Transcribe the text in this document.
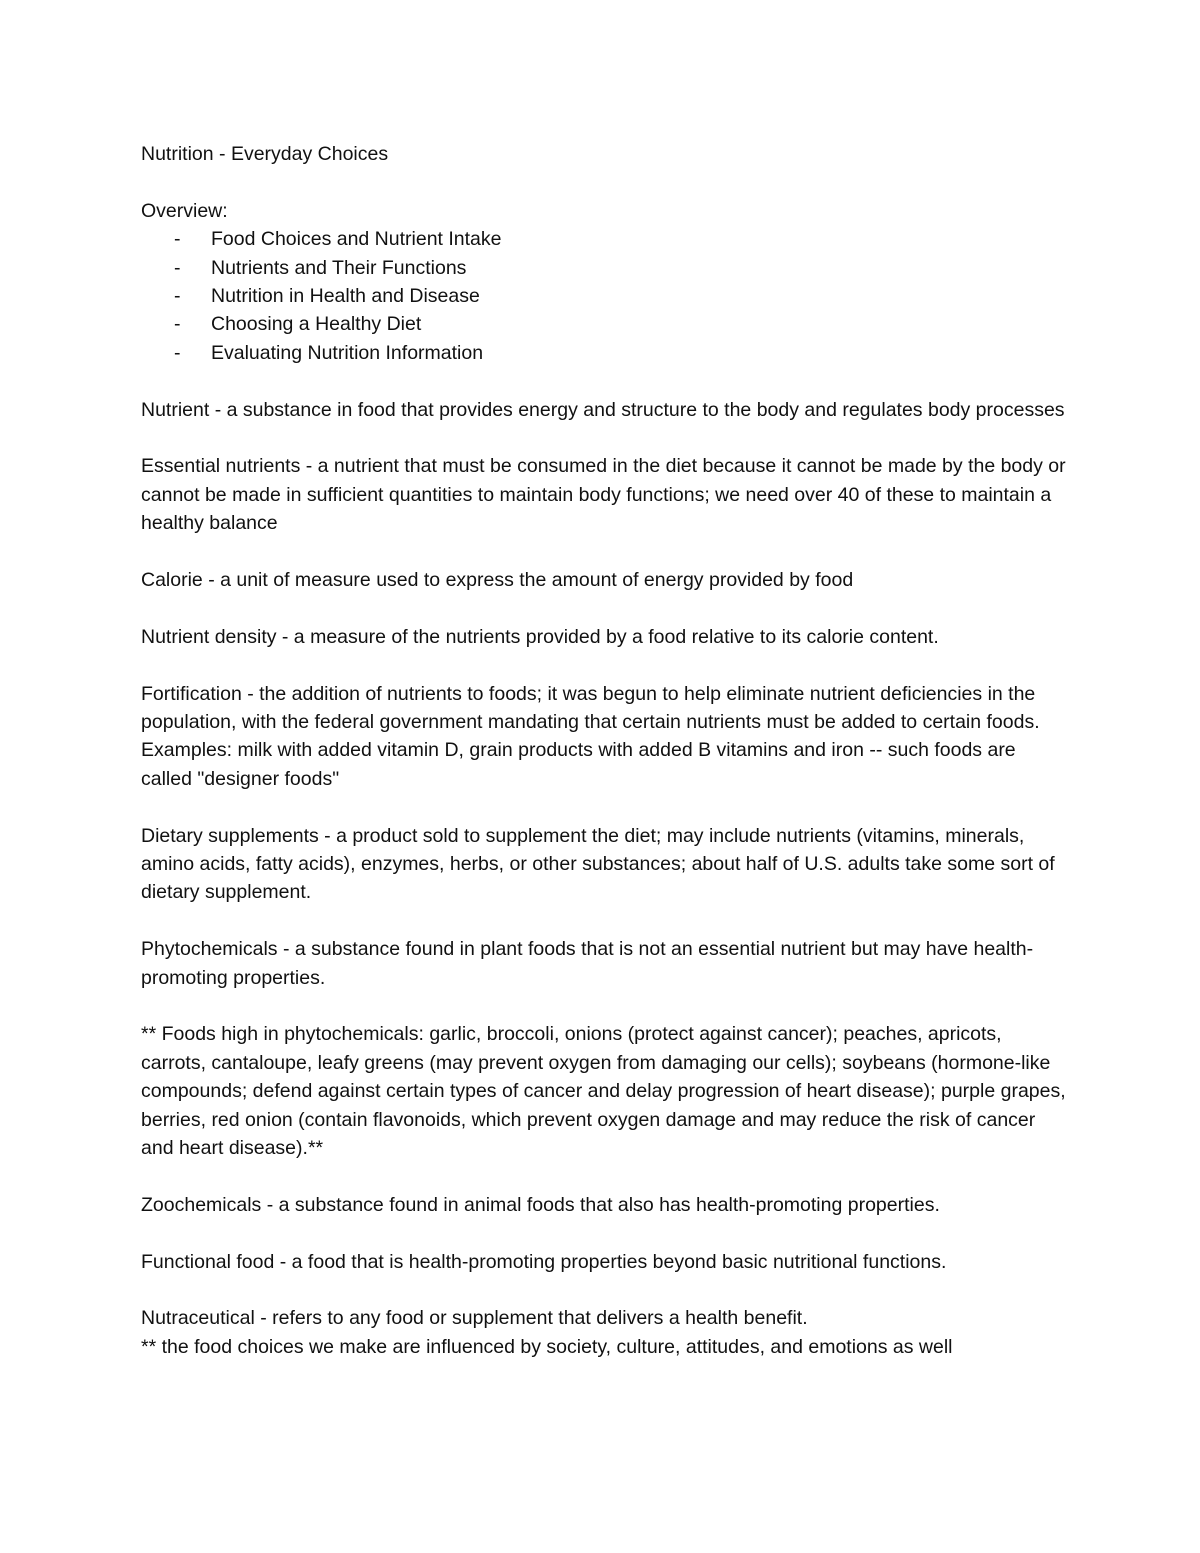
Nutrition - Everyday Choices
Overview:
- Food Choices and Nutrient Intake
- Nutrients and Their Functions
- Nutrition in Health and Disease
- Choosing a Healthy Diet
- Evaluating Nutrition Information

Nutrient - a substance in food that provides energy and structure to the body and regulates body processes

Essential nutrients - a nutrient that must be consumed in the diet because it cannot be made by the body or cannot be made in sufficient quantities to maintain body functions; we need over 40 of these to maintain a healthy balance

Calorie - a unit of measure used to express the amount of energy provided by food

Nutrient density - a measure of the nutrients provided by a food relative to its calorie content.

Fortification - the addition of nutrients to foods; it was begun to help eliminate nutrient deficiencies in the population, with the federal government mandating that certain nutrients must be added to certain foods. Examples: milk with added vitamin D, grain products with added B vitamins and iron -- such foods are called "designer foods"

Dietary supplements - a product sold to supplement the diet; may include nutrients (vitamins, minerals, amino acids, fatty acids), enzymes, herbs, or other substances; about half of U.S. adults take some sort of dietary supplement.

Phytochemicals - a substance found in plant foods that is not an essential nutrient but may have health-promoting properties.

** Foods high in phytochemicals: garlic, broccoli, onions (protect against cancer); peaches, apricots, carrots, cantaloupe, leafy greens (may prevent oxygen from damaging our cells); soybeans (hormone-like compounds; defend against certain types of cancer and delay progression of heart disease); purple grapes, berries, red onion (contain flavonoids, which prevent oxygen damage and may reduce the risk of cancer and heart disease).**

Zoochemicals - a substance found in animal foods that also has health-promoting properties.

Functional food - a food that is health-promoting properties beyond basic nutritional functions.

Nutraceutical - refers to any food or supplement that delivers a health benefit.

** the food choices we make are influenced by society, culture, attitudes, and emotions as well
